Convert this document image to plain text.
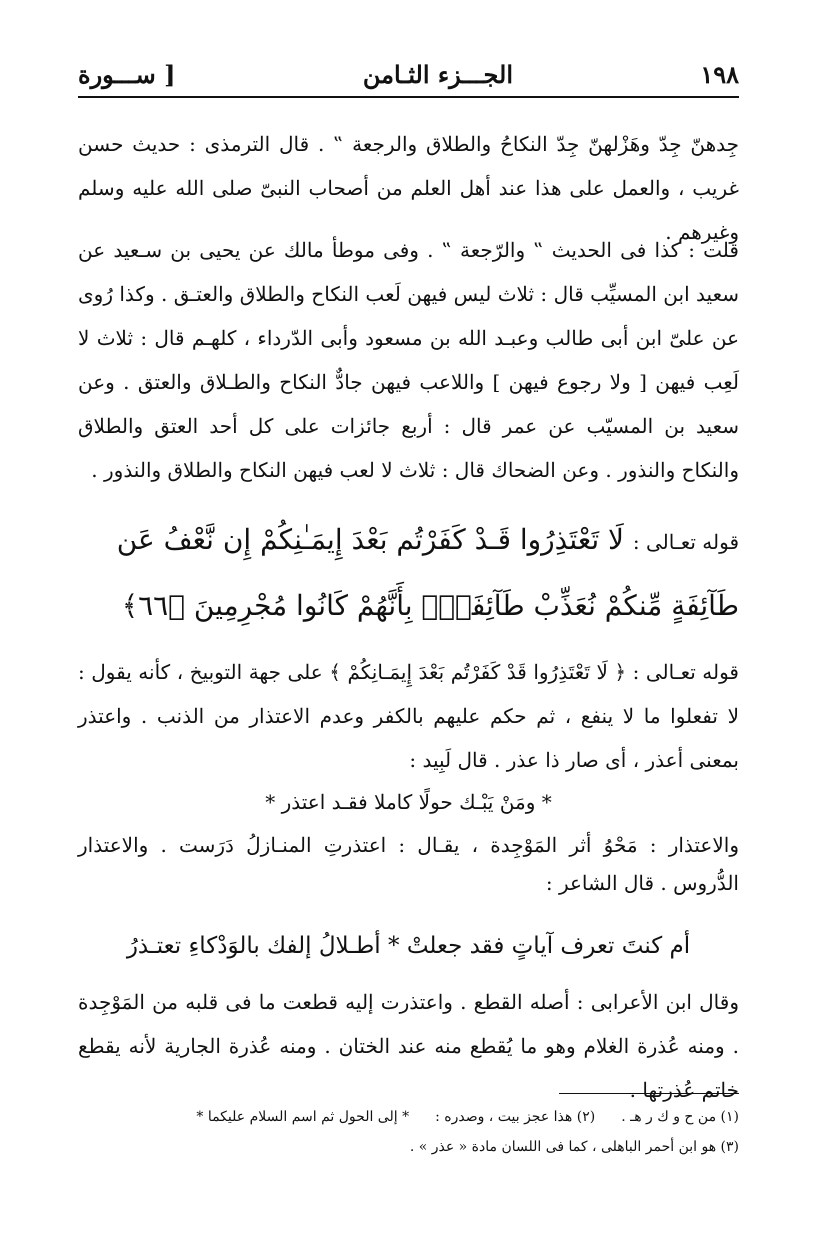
١٩٨
الجـــزء الثـامن
[ ســـورة

جِدهنّ جِدّ وهَزْلهنّ جِدّ النكاحُ والطلاق والرجعة ‟ . قال الترمذى : حديث حسن غريب ، والعمل على هذا عند أهل العلم من أصحاب النبىّ صلى الله عليه وسلم وغيرهم .

قلت : كذا فى الحديث ‟ والرّجعة ‟ . وفى موطأ مالك عن يحيى بن سـعيد عن سعيد ابن المسيِّب قال : ثلاث ليس فيهن لَعب النكاح والطلاق والعتـق . وكذا رُوى عن علىّ ابن أبى طالب وعبـد الله بن مسعود وأبى الدّرداء ، كلهـم قال : ثلاث لا لَعِب فيهن [ ولا رجوع فيهن ] واللاعب فيهن جادٌّ النكاح والطـلاق والعتق . وعن سعيد بن المسيّب عن عمر قال : أربع جائزات على كل أحد العتق والطلاق والنكاح والنذور . وعن الضحاك قال : ثلاث لا لعب فيهن النكاح والطلاق والنذور .

قوله تعـالى : لَا تَعْتَذِرُوا قَـدْ كَفَرْتُم بَعْدَ إِيمَـٰنِكُمْ إِن نَّعْفُ عَن طَآئِفَةٍ مِّنكُمْ نُعَذِّبْ طَآئِفَةَۢ بِأَنَّهُمْ كَانُوا مُجْرِمِينَ ﴿٦٦﴾

قوله تعـالى : ﴿ لَا تَعْتَذِرُوا قَدْ كَفَرْتُم بَعْدَ إِيمَـانِكُمْ ﴾ على جهة التوبيخ ، كأنه يقول : لا تفعلوا ما لا ينفع ، ثم حكم عليهم بالكفر وعدم الاعتذار من الذنب . واعتذر بمعنى أعذر ، أى صار ذا عذر . قال لَبِيد :

* ومَنْ يَبْـك حولًا كاملا فقـد اعتذر *

والاعتذار : مَحْوُ أثر المَوْجِدة ، يقـال : اعتذرتِ المنـازلُ دَرَست . والاعتذار الدُّروس . قال الشاعر :

أم كنتَ تعرف آياتٍ فقد جعلتْ * أطـلالُ إلفك بالوَدْكاءِ تعتـذرُ

وقال ابن الأعرابى : أصله القطع . واعتذرت إليه قطعت ما فى قلبه من المَوْجِدة . ومنه عُذرة الغلام وهو ما يُقطع منه عند الختان . ومنه عُذرة الجارية لأنه يقطع خاتم عُذرتها .

(١) من ح و ك ر هـ .
(٢) هذا عجز بيت ، وصدره :
* إلى الحول ثم اسم السلام عليكما *
(٣) هو ابن أحمر الباهلى ، كما فى اللسان مادة « عذر » .
